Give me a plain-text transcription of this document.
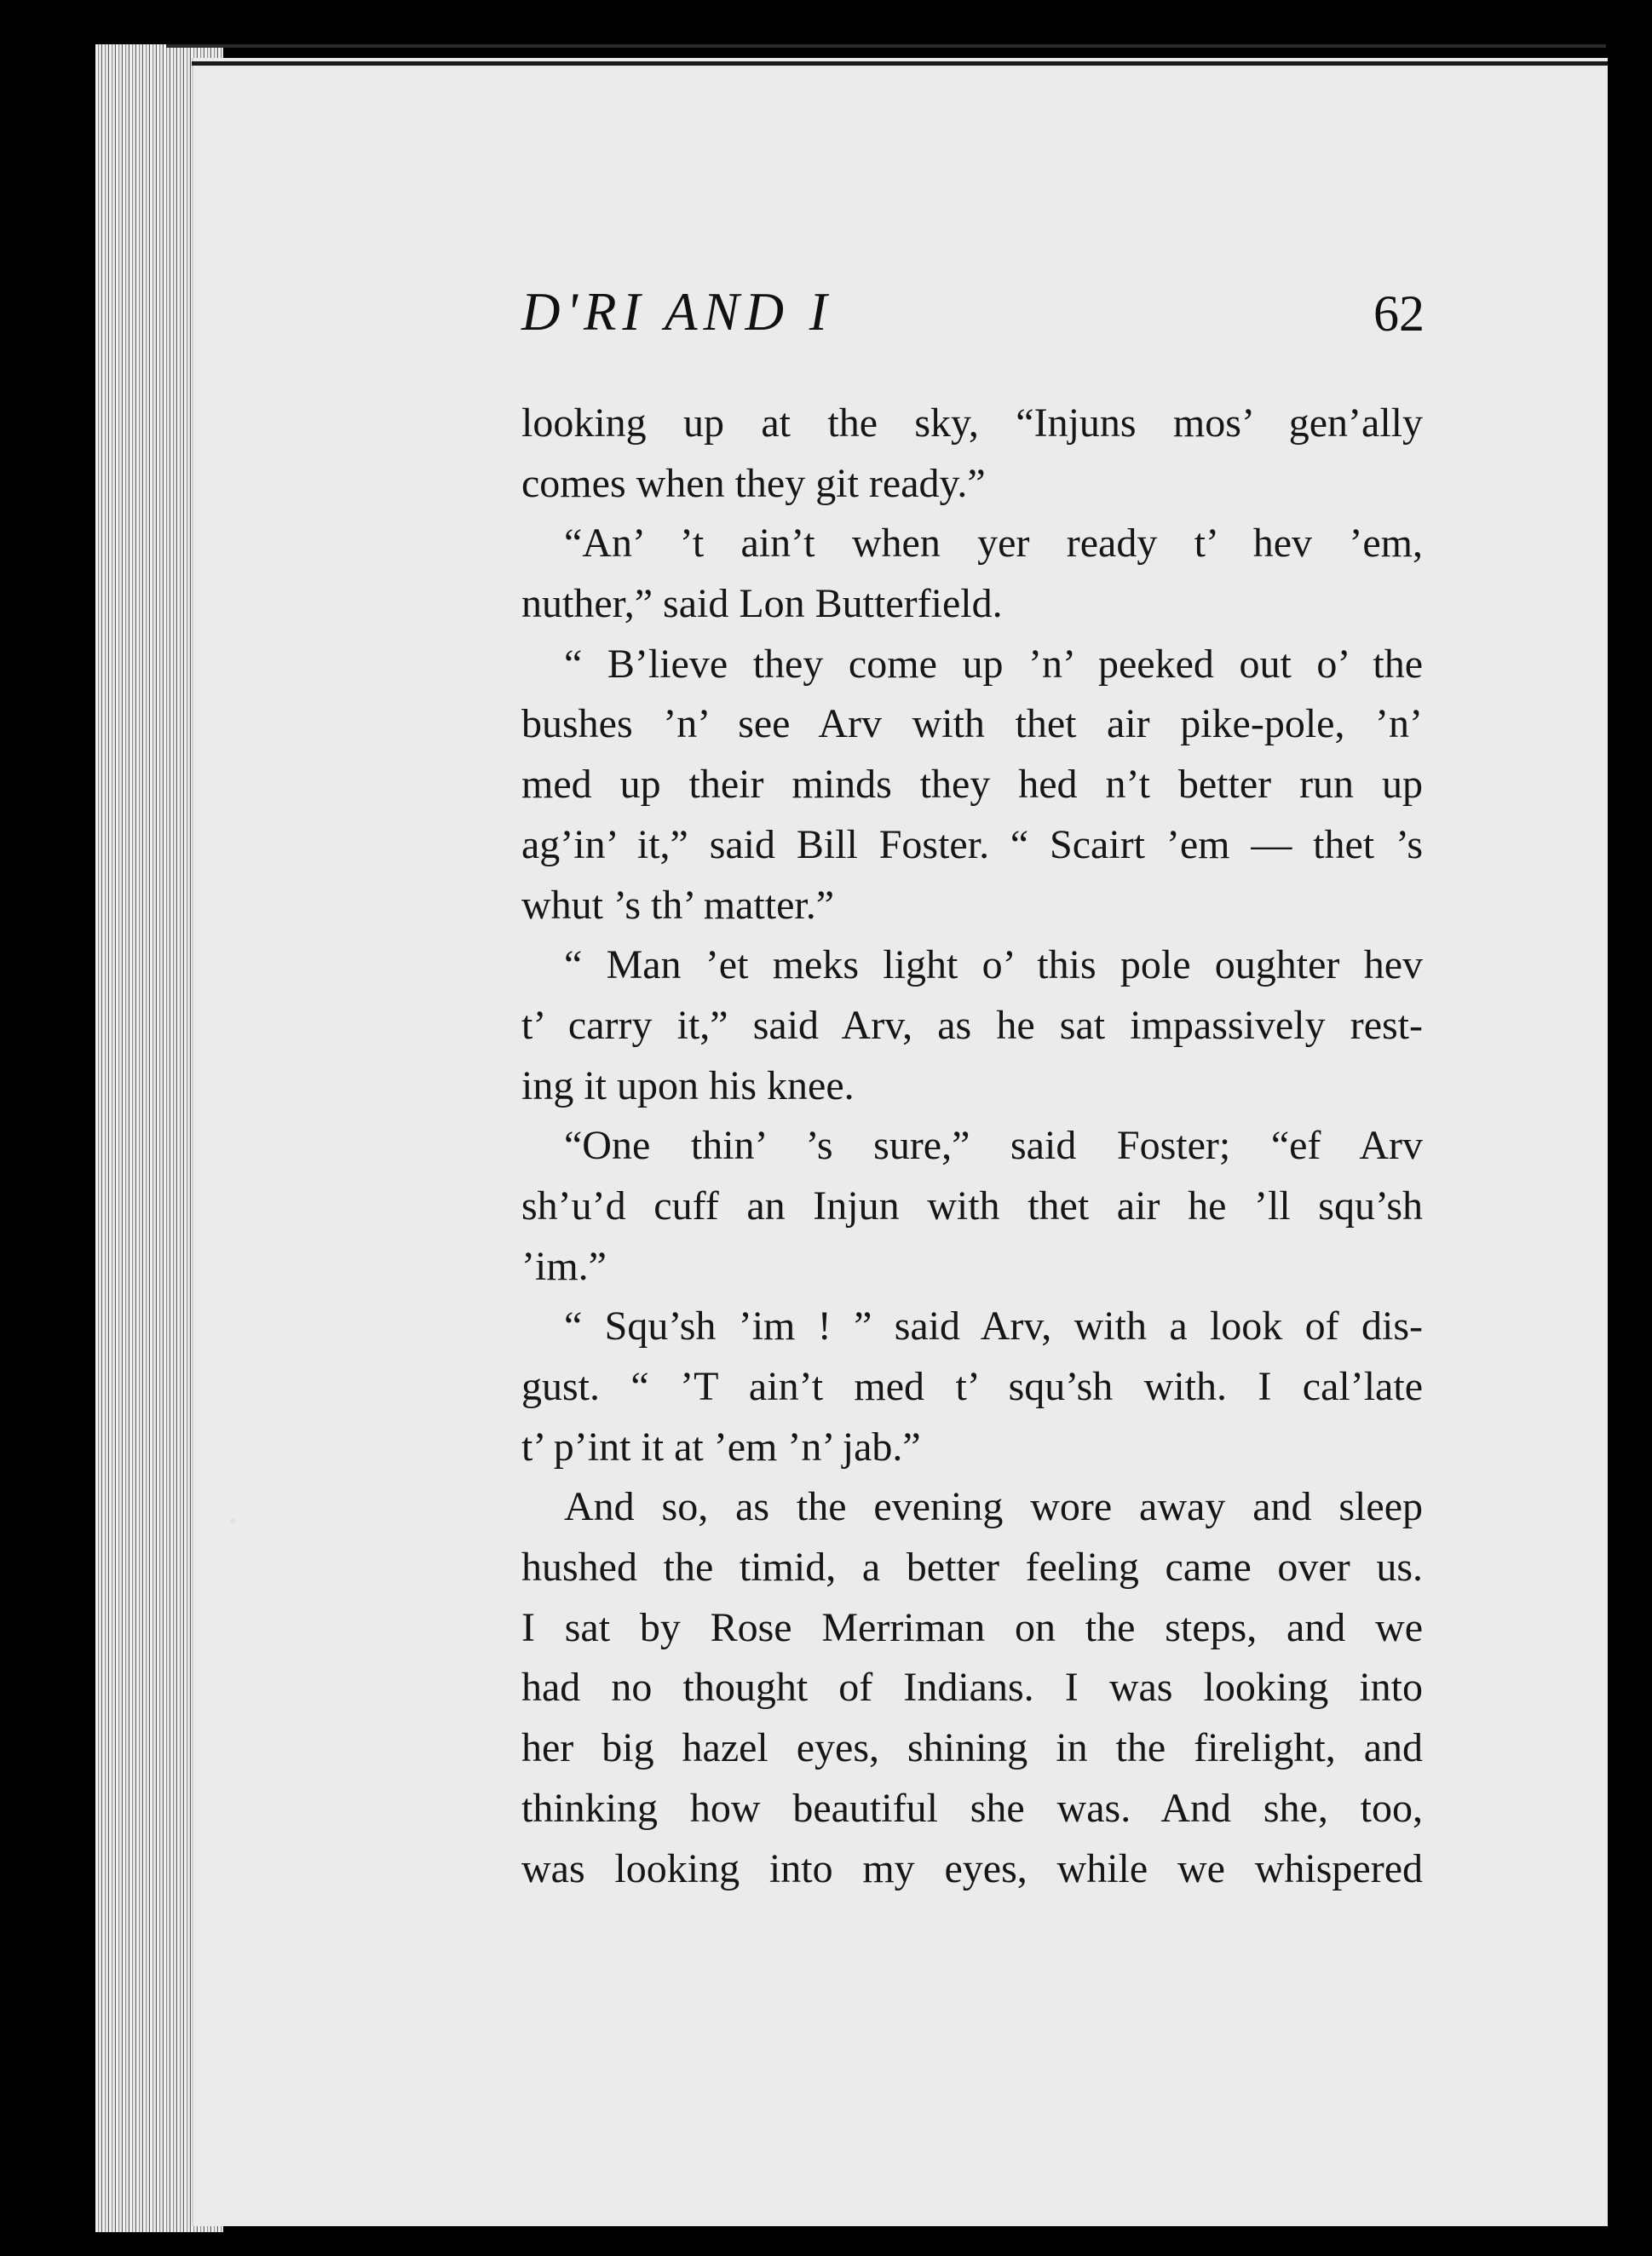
D'RI AND I	62
looking up at the sky, “Injuns mos’ gen’ally
comes when they git ready.”
“An’ ’t ain’t when yer ready t’ hev ’em,
nuther,” said Lon Butterfield.
“ B’lieve they come up ’n’ peeked out o’ the
bushes ’n’ see Arv with thet air pike-pole, ’n’
med up their minds they hed n’t better run up
ag’in’ it,” said Bill Foster. “ Scairt ’em — thet ’s
whut ’s th’ matter.”
“ Man ’et meks light o’ this pole oughter hev
t’ carry it,” said Arv, as he sat impassively rest-
ing it upon his knee.
“One thin’ ’s sure,” said Foster; “ef Arv
sh’u’d cuff an Injun with thet air he ’ll squ’sh
’im.”
“ Squ’sh ’im ! ” said Arv, with a look of dis-
gust. “ ’T ain’t med t’ squ’sh with. I cal’late
t’ p’int it at ’em ’n’ jab.”
And so, as the evening wore away and sleep
hushed the timid, a better feeling came over us.
I sat by Rose Merriman on the steps, and we
had no thought of Indians. I was looking into
her big hazel eyes, shining in the firelight, and
thinking how beautiful she was. And she, too,
was looking into my eyes, while we whispered
